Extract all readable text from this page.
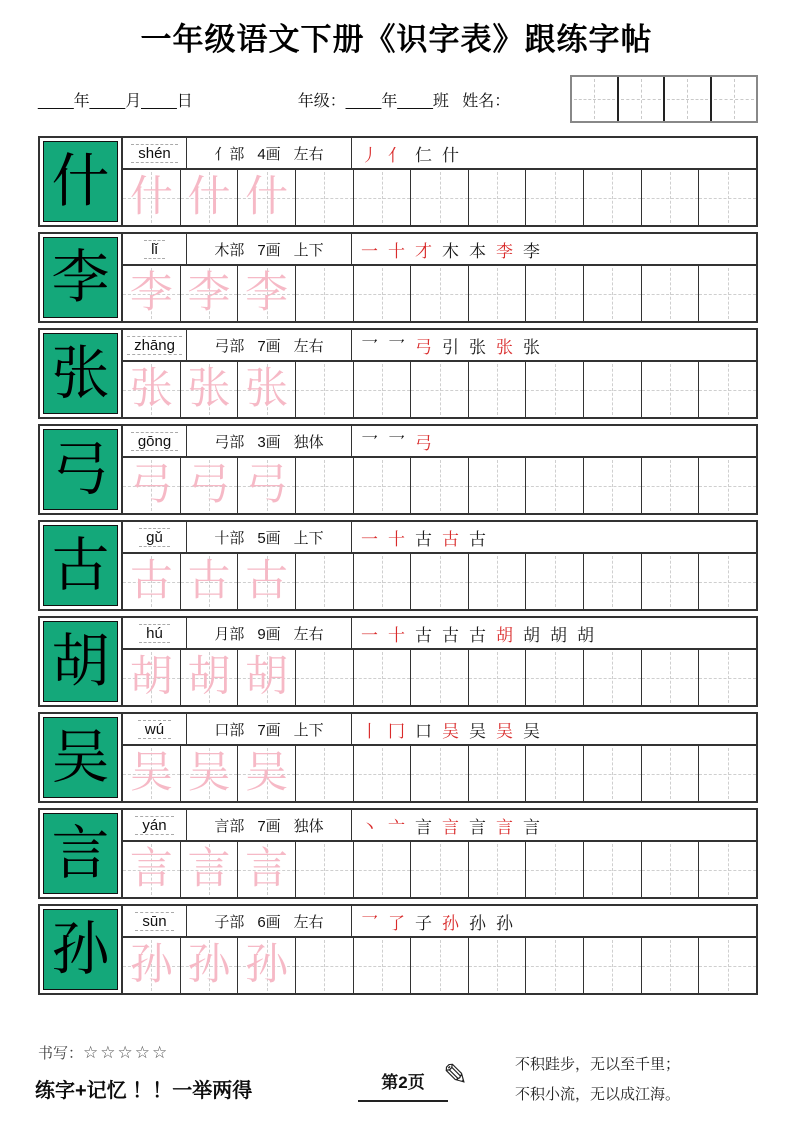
一年级语文下册《识字表》跟练字帖
____年____月____日	年级：____年____班 姓名：
什	shén	亻部 4画 左右 丿 亻 仁 什
什 什 什
李	lǐ	木部 7画 上下 一 十 才 木 本 李 李
李 李 李
张	zhāng	弓部 7画 左右 乛 乛 弓 引 张 张 张
张 张 张
弓	gōng	弓部 3画 独体 乛 乛 弓
弓 弓 弓
古	gǔ	十部 5画 上下 一 十 古 古 古
古 古 古
胡	hú	月部 9画 左右 一 十 古 古 古 胡 胡 胡 胡
胡 胡 胡
吴	wú	口部 7画 上下 丨 冂 口 吴 吴 吴 吴
吴 吴 吴
言	yán	言部 7画 独体 丶 亠 言 言 言 言 言
言 言 言
孙	sūn	子部 6画 左右 乛 了 子 孙 孙 孙
孙 孙 孙
书写：☆☆☆☆☆
练字+记忆 ！！一举两得	第2页 ✎	不积跬步，无以至千里；
不积小流，无以成江海。
